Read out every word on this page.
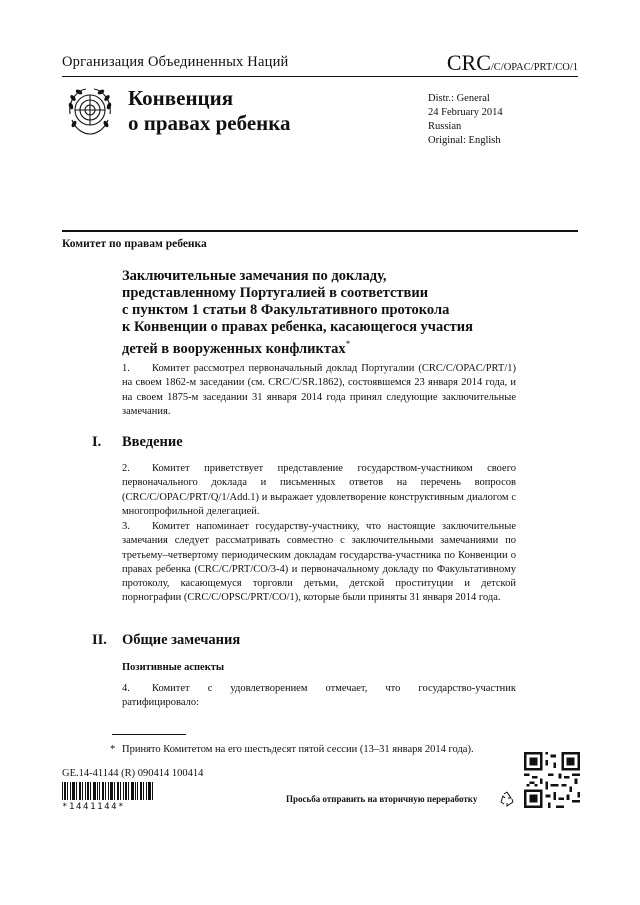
Организация Объединенных Наций	CRC/C/OPAC/PRT/CO/1
Конвенция
о правах ребенка
Distr.: General
24 February 2014
Russian
Original: English
Комитет по правам ребенка
Заключительные замечания по докладу,
представленному Португалией в соответствии
с пунктом 1 статьи 8 Факультативного протокола
к Конвенции о правах ребенка, касающегося участия
детей в вооруженных конфликтах*
1. Комитет рассмотрел первоначальный доклад Португалии (CRC/C/OPAC/PRT/1) на своем 1862-м заседании (см. CRC/C/SR.1862), состоявшемся 23 января 2014 года, и на своем 1875-м заседании 31 января 2014 года принял следующие заключительные замечания.
I. Введение
2. Комитет приветствует представление государством-участником своего первоначального доклада и письменных ответов на перечень вопросов (CRC/C/OPAC/PRT/Q/1/Add.1) и выражает удовлетворение конструктивным диалогом с многопрофильной делегацией.
3. Комитет напоминает государству-участнику, что настоящие заключительные замечания следует рассматривать совместно с заключительными замечаниями по третьему–четвертому периодическим докладам государства-участника по Конвенции о правах ребенка (CRC/C/PRT/CO/3-4) и первоначальному докладу по Факультативному протоколу, касающемуся торговли детьми, детской проституции и детской порнографии (CRC/C/OPSC/PRT/CO/1), которые были приняты 31 января 2014 года.
II. Общие замечания
Позитивные аспекты
4. Комитет с удовлетворением отмечает, что государство-участник ратифицировало:
* Принято Комитетом на его шестьдесят пятой сессии (13–31 января 2014 года).
GE.14-41144 (R) 090414 100414
*1441144*
Просьба отправить на вторичную переработку
